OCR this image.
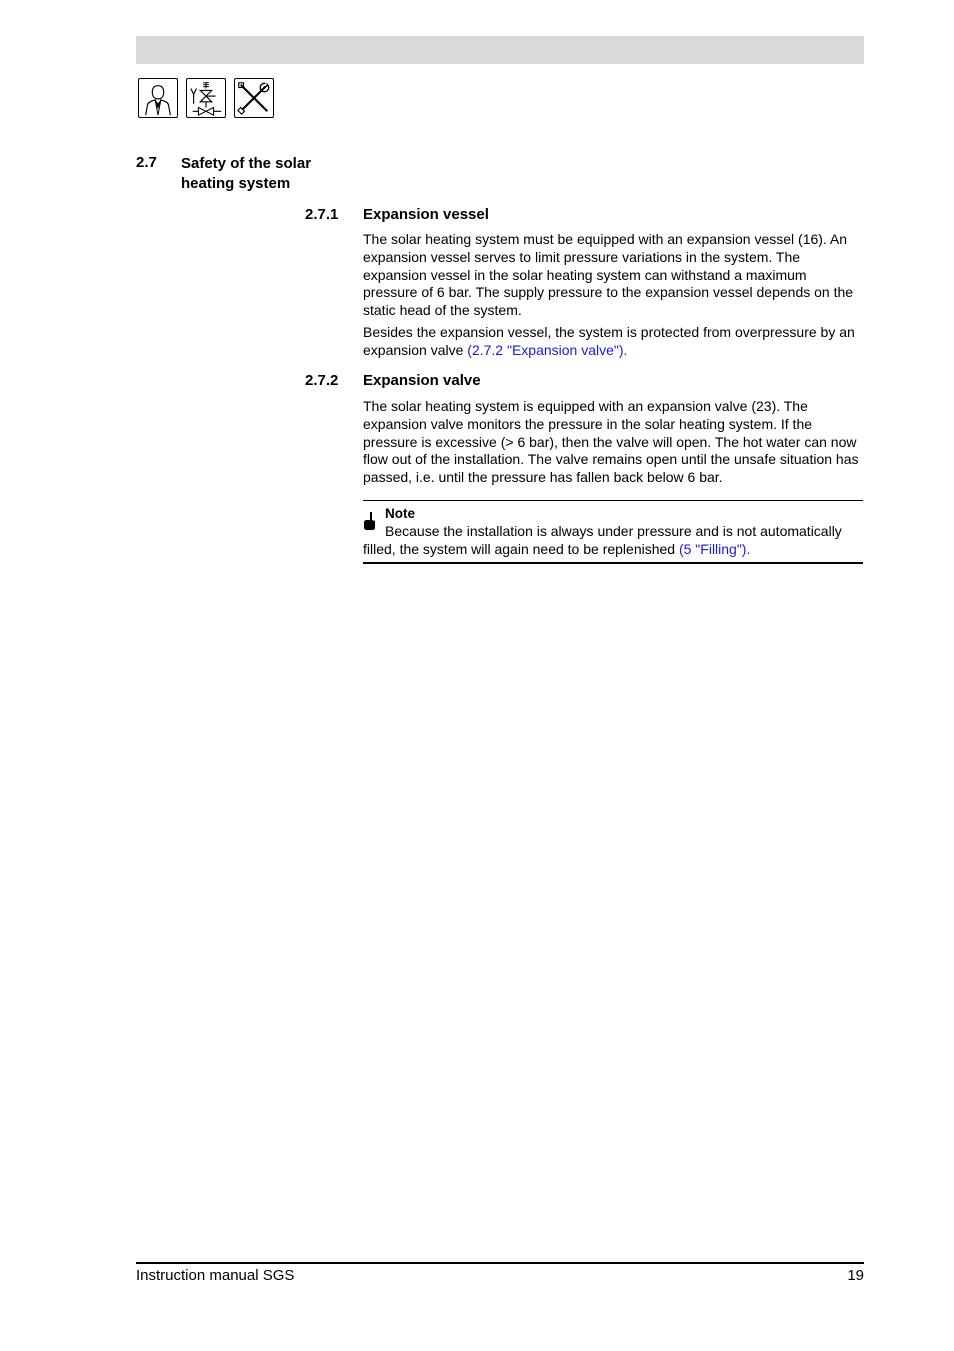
2.7 Safety of the solar heating system
2.7.1 Expansion vessel

The solar heating system must be equipped with an expansion vessel (16). An expansion vessel serves to limit pressure variations in the system. The expansion vessel in the solar heating system can withstand a maximum pressure of 6 bar. The supply pressure to the expansion vessel depends on the static head of the system.

Besides the expansion vessel, the system is protected from overpressure by an expansion valve (2.7.2 "Expansion valve").

2.7.2 Expansion valve

The solar heating system is equipped with an expansion valve (23). The expansion valve monitors the pressure in the solar heating system. If the pressure is excessive (> 6 bar), then the valve will open. The hot water can now flow out of the installation. The valve remains open until the unsafe situation has passed, i.e. until the pressure has fallen back below 6 bar.

Note

Because the installation is always under pressure and is not automatically filled, the system will again need to be replenished (5 "Filling").

Instruction manual SGS	19
